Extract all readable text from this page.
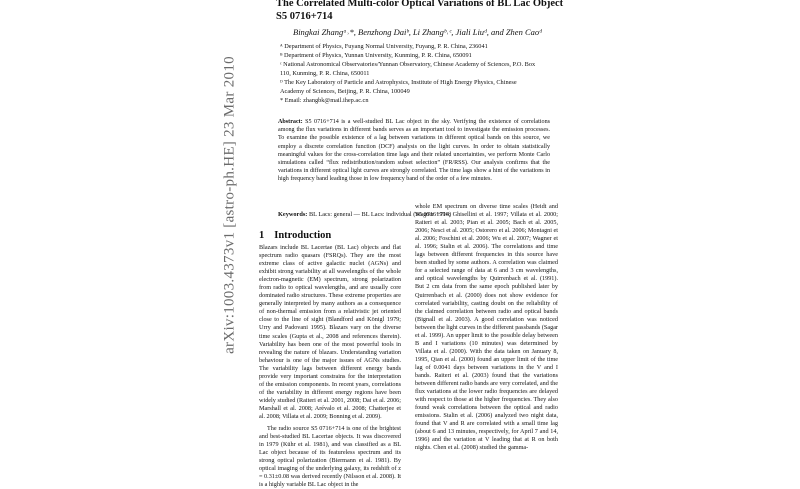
arXiv:1003.4373v1 [astro-ph.HE] 23 Mar 2010
The Correlated Multi-color Optical Variations of BL Lac Object S5 0716+714
Bingkai Zhangᵃ˒*, Benzhong Daiᵇ, Li Zhangᵇ˒ᶜ, Jiali Liuᵈ, and Zhen Caoᵈ
ᴬ Department of Physics, Fuyang Normal University, Fuyang, P. R. China, 236041
ᴮ Department of Physics, Yunnan University, Kunming, P. R. China, 650091
ᶜ National Astronomical Observatories/Yunnan Observatory, Chinese Academy of Sciences, P.O. Box
110, Kunming, P. R. China, 650011
ᴰ The Key Laboratory of Particle and Astrophysics, Institute of High Energy Physics, Chinese
Academy of Sciences, Beijing, P. R. China, 100049
* Email: zhangbk@mail.ihep.ac.cn
Abstract: S5 0716+714 is a well-studied BL Lac object in the sky. Verifying the existence of correlations among the flux variations in different bands serves as an important tool to investigate the emission processes. To examine the possible existence of a lag between variations in different optical bands on this source, we employ a discrete correlation function (DCF) analysis on the light curves. In order to obtain statistically meaningful values for the cross-correlation time lags and their related uncertainties, we perform Monte Carlo simulations called “flux redistribution/random subset selection” (FR/RSS). Our analysis confirms that the variations in different optical light curves are strongly correlated. The time lags show a hint of the variations in high frequency band leading those in low frequency band of the order of a few minutes.
Keywords: BL Lacs: general — BL Lacs: individual (S5 0716+714)
1 Introduction
Blazars include BL Lacertae (BL Lac) objects and flat spectrum radio quasars (FSRQs). They are the most extreme class of active galactic nuclei (AGNs) and exhibit strong variability at all wavelengths of the whole electron-magnetic (EM) spectrum, strong polarization from radio to optical wavelengths, and are usually core dominated radio structures. These extreme properties are generally interpreted by many authors as a consequence of non-thermal emission from a relativistic jet oriented close to the line of sight (Blandford and Königl 1979; Urry and Padovani 1995). Blazars vary on the diverse time scales (Gupta et al., 2008 and references therein). Variability has been one of the most powerful tools in revealing the nature of blazars. Understanding variation behaviour is one of the major issues of AGNs studies. The variability lags between different energy bands provide very important constrains for the interpretation of the emission components. In recent years, correlations of the variability in different energy regions have been widely studied (Raiteri et al. 2001, 2008; Dai et al. 2006; Marshall et al. 2008; Arévalo et al. 2008; Chatterjee et al. 2008; Villata et al. 2009; Bonning et al. 2009).
The radio source S5 0716+714 is one of the brightest and best-studied BL Lacertae objects. It was discovered in 1979 (Kühr et al. 1981), and was classified as a BL Lac object because of its featureless spectrum and its strong optical polarization (Biermann et al. 1981). By optical imaging of the underlying galaxy, its redshift of z = 0.31±0.08 was derived recently (Nilsson et al. 2008). It is a highly variable BL Lac object in the
whole EM spectrum on diverse time scales (Heidt and Wagner 1996; Ghisellini et al. 1997; Villata et al. 2000; Raiteri et al. 2003; Pian et al. 2005; Bach et al. 2005, 2006; Nesci et al. 2005; Ostorero et al. 2006; Montagni et al. 2006; Foschini et al. 2006; Wu et al. 2007; Wagner et al. 1996; Stalin et al. 2006). The correlations and time lags between different frequencies in this source have been studied by some authors. A correlation was claimed for a selected range of data at 6 and 3 cm wavelengths, and optical wavelengths by Quirrenbach et al. (1991). But 2 cm data from the same epoch published later by Quirrenbach et al. (2000) does not show evidence for correlated variability, casting doubt on the reliability of the claimed correlation between radio and optical bands (Bignall et al. 2003). A good correlation was noticed between the light curves in the different passbands (Sagar et al. 1999). An upper limit to the possible delay between B and I variations (10 minutes) was determined by Villata et al. (2000). With the data taken on January 8, 1995, Qian et al. (2000) found an upper limit of the time lag of 0.0041 days between variations in the V and I bands. Raiteri et al. (2003) found that the variations between different radio bands are very correlated, and the flux variations at the lower radio frequencies are delayed with respect to those at the higher frequencies. They also found weak correlations between the optical and radio emissions. Stalin et al. (2006) analyzed two night data, found that V and R are correlated with a small time lag (about 6 and 13 minutes, respectively, for April 7 and 14, 1996) and the variation at V leading that at R on both nights. Chen et al. (2008) studied the gamma-
